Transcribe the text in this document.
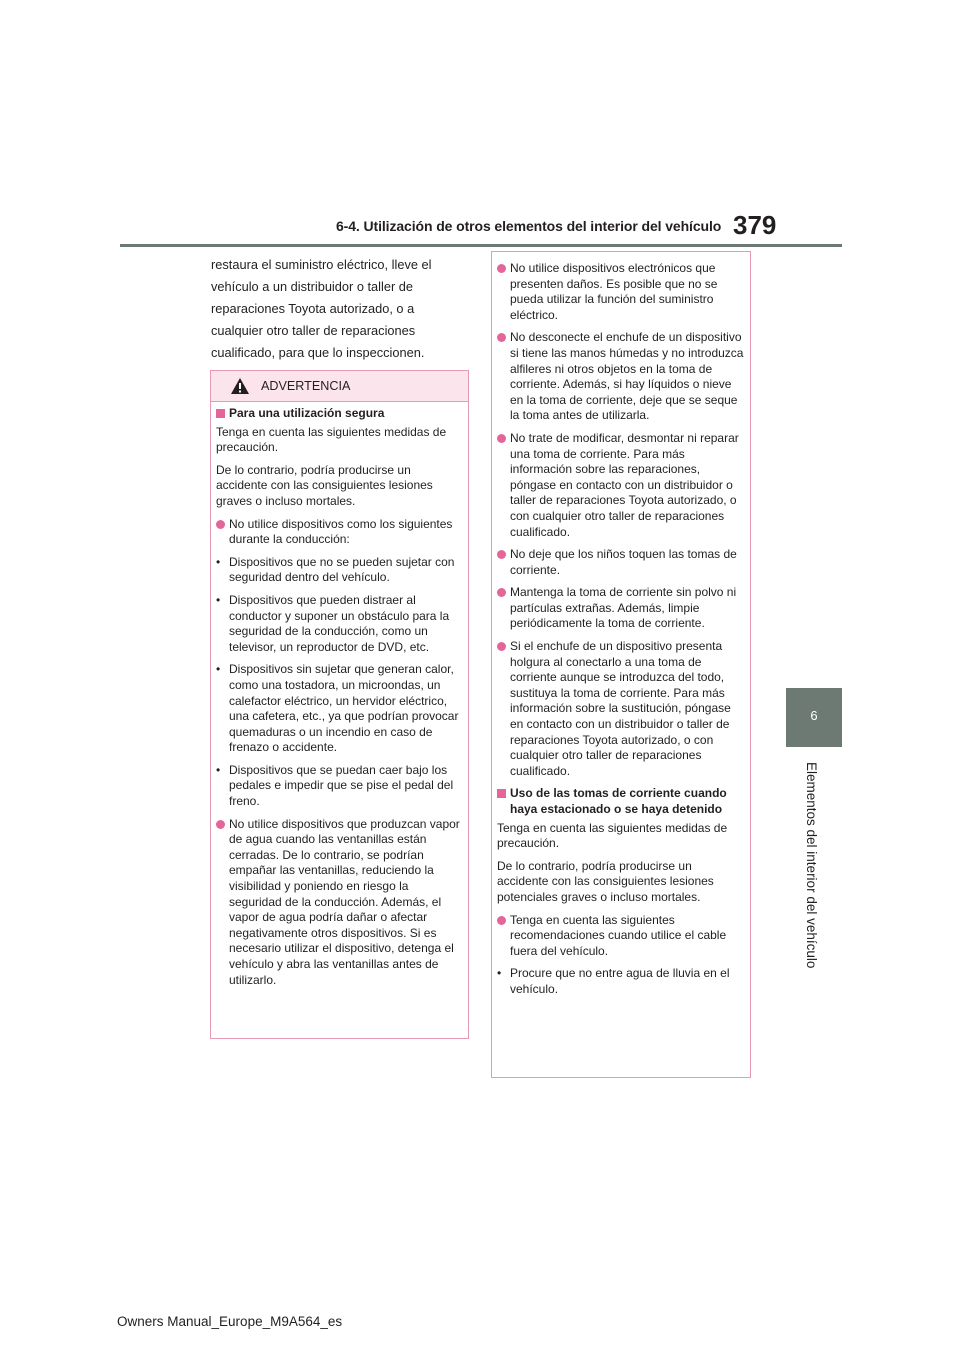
6-4. Utilización de otros elementos del interior del vehículo 379
6
Elementos del interior del vehículo
restaura el suministro eléctrico, lleve el vehículo a un distribuidor o taller de reparaciones Toyota autorizado, o a cualquier otro taller de reparaciones cualificado, para que lo inspeccionen.
ADVERTENCIA

Para una utilización segura

Tenga en cuenta las siguientes medidas de precaución.

De lo contrario, podría producirse un accidente con las consiguientes lesiones graves o incluso mortales.

No utilice dispositivos como los siguientes durante la conducción:

• Dispositivos que no se pueden sujetar con seguridad dentro del vehículo.

• Dispositivos que pueden distraer al conductor y suponer un obstáculo para la seguridad de la conducción, como un televisor, un reproductor de DVD, etc.

• Dispositivos sin sujetar que generan calor, como una tostadora, un microondas, un calefactor eléctrico, un hervidor eléctrico, una cafetera, etc., ya que podrían provocar quemaduras o un incendio en caso de frenazo o accidente.

• Dispositivos que se puedan caer bajo los pedales e impedir que se pise el pedal del freno.

No utilice dispositivos que produzcan vapor de agua cuando las ventanillas están cerradas. De lo contrario, se podrían empañar las ventanillas, reduciendo la visibilidad y poniendo en riesgo la seguridad de la conducción. Además, el vapor de agua podría dañar o afectar negativamente otros dispositivos. Si es necesario utilizar el dispositivo, detenga el vehículo y abra las ventanillas antes de utilizarlo.

No utilice dispositivos electrónicos que presenten daños. Es posible que no se pueda utilizar la función del suministro eléctrico.

No desconecte el enchufe de un dispositivo si tiene las manos húmedas y no introduzca alfileres ni otros objetos en la toma de corriente. Además, si hay líquidos o nieve en la toma de corriente, deje que se seque la toma antes de utilizarla.

No trate de modificar, desmontar ni reparar una toma de corriente. Para más información sobre las reparaciones, póngase en contacto con un distribuidor o taller de reparaciones Toyota autorizado, o con cualquier otro taller de reparaciones cualificado.

No deje que los niños toquen las tomas de corriente.

Mantenga la toma de corriente sin polvo ni partículas extrañas. Además, limpie periódicamente la toma de corriente.

Si el enchufe de un dispositivo presenta holgura al conectarlo a una toma de corriente aunque se introduzca del todo, sustituya la toma de corriente. Para más información sobre la sustitución, póngase en contacto con un distribuidor o taller de reparaciones Toyota autorizado, o con cualquier otro taller de reparaciones cualificado.

Uso de las tomas de corriente cuando haya estacionado o se haya detenido

Tenga en cuenta las siguientes medidas de precaución.

De lo contrario, podría producirse un accidente con las consiguientes lesiones potenciales graves o incluso mortales.

Tenga en cuenta las siguientes recomendaciones cuando utilice el cable fuera del vehículo.

• Procure que no entre agua de lluvia en el vehículo.

Owners Manual_Europe_M9A564_es
